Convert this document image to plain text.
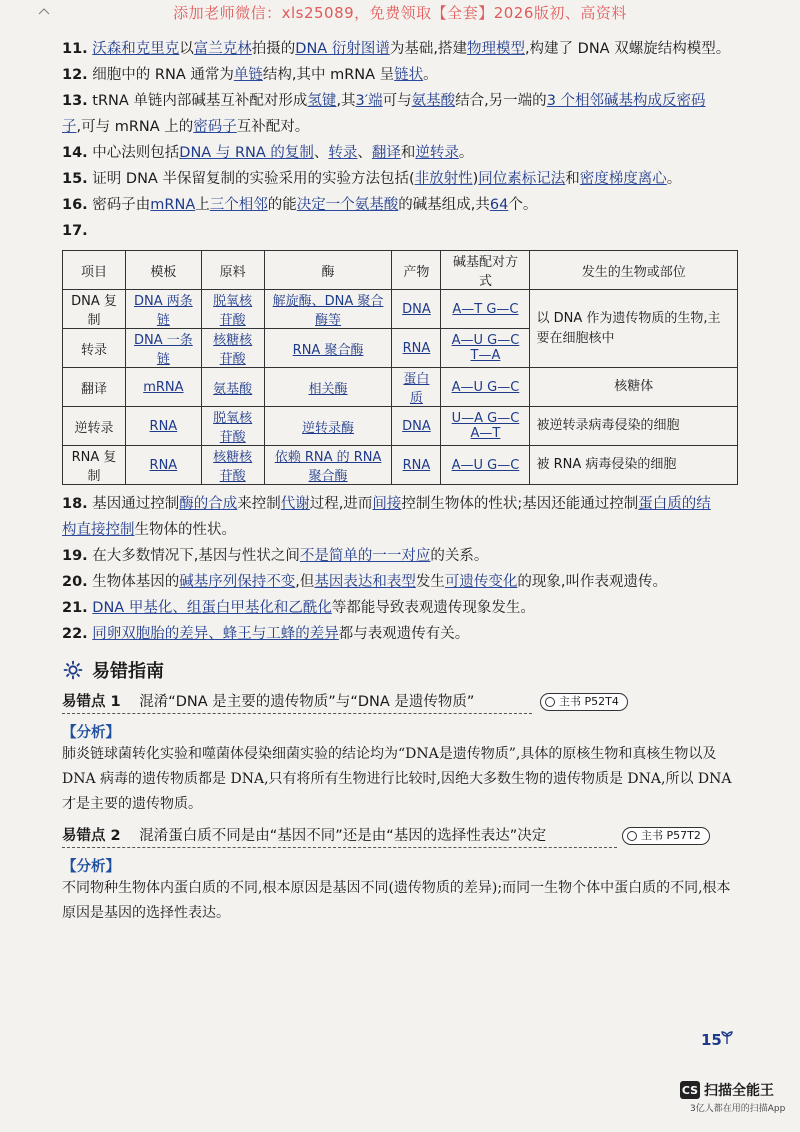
添加老师微信：xls25089，免费领取【全套】2026版初、高资料

11. 沃森和克里克以富兰克林拍摄的DNA 衍射图谱为基础,搭建物理模型,构建了 DNA 双螺旋结构模型。

12. 细胞中的 RNA 通常为单链结构,其中 mRNA 呈链状。

13. tRNA 单链内部碱基互补配对形成氢键,其3′端可与氨基酸结合,另一端的3 个相邻碱基构成反密码

子,可与 mRNA 上的密码子互补配对。

14. 中心法则包括DNA 与 RNA 的复制、转录、翻译和逆转录。

15. 证明 DNA 半保留复制的实验采用的实验方法包括(非放射性)同位素标记法和密度梯度离心。

16. 密码子由mRNA上三个相邻的能决定一个氨基酸的碱基组成,共64个。

17.

项目	模板	原料	酶	产物	碱基配对方式	发生的生物或部位
DNA 复制	DNA 两条链	脱氧核苷酸	解旋酶、DNA 聚合酶等	DNA	A—T G—C	以 DNA 作为遗传物质的生物,主要在细胞核中
转录	DNA 一条链	核糖核苷酸	RNA 聚合酶	RNA	A—U G—C T—A	
翻译	mRNA	氨基酸	相关酶	蛋白质	A—U G—C	核糖体
逆转录	RNA	脱氧核苷酸	逆转录酶	DNA	U—A G—C A—T	被逆转录病毒侵染的细胞
RNA 复制	RNA	核糖核苷酸	依赖 RNA 的 RNA 聚合酶	RNA	A—U G—C	被 RNA 病毒侵染的细胞

18. 基因通过控制酶的合成来控制代谢过程,进而间接控制生物体的性状;基因还能通过控制蛋白质的结

构直接控制生物体的性状。

19. 在大多数情况下,基因与性状之间不是简单的一一对应的关系。

20. 生物体基因的碱基序列保持不变,但基因表达和表型发生可遗传变化的现象,叫作表观遗传。

21. DNA 甲基化、组蛋白甲基化和乙酰化等都能导致表观遗传现象发生。

22. 同卵双胞胎的差异、蜂王与工蜂的差异都与表观遗传有关。

易错指南
易错点 1 混淆“DNA 是主要的遗传物质”与“DNA 是遗传物质”	主书 P52T4
【分析】
肺炎链球菌转化实验和噬菌体侵染细菌实验的结论均为“DNA是遗传物质”,具体的原核生物和真核生物以及 DNA 病毒的遗传物质都是 DNA,只有将所有生物进行比较时,因绝大多数生物的遗传物质是 DNA,所以 DNA 才是主要的遗传物质。
易错点 2 混淆蛋白质不同是由“基因不同”还是由“基因的选择性表达”决定	主书 P57T2
【分析】
不同物种生物体内蛋白质的不同,根本原因是基因不同(遗传物质的差异);而同一生物个体中蛋白质的不同,根本原因是基因的选择性表达。
15
CS 扫描全能王
3亿人都在用的扫描App
